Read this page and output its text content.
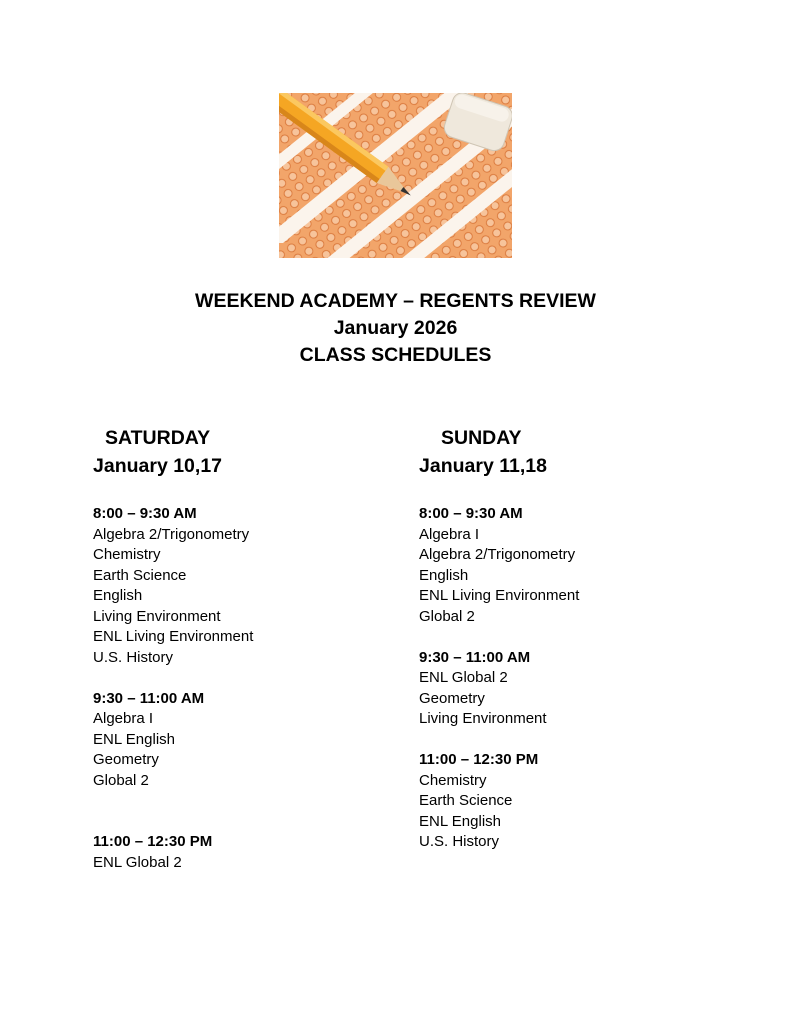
WEEKEND ACADEMY – REGENTS REVIEW
January 2026
CLASS SCHEDULES
SATURDAY
January 10,17
8:00 – 9:30 AM
Algebra 2/Trigonometry
Chemistry
Earth Science
English
Living Environment
ENL Living Environment
U.S. History
9:30 – 11:00 AM
Algebra I
ENL English
Geometry
Global 2
11:00 – 12:30 PM
ENL Global 2
SUNDAY
January 11,18
8:00 – 9:30 AM
Algebra I
Algebra 2/Trigonometry
English
ENL Living Environment
Global 2
9:30 – 11:00 AM
ENL Global 2
Geometry
Living Environment
11:00 – 12:30 PM
Chemistry
Earth Science
ENL English
U.S. History
